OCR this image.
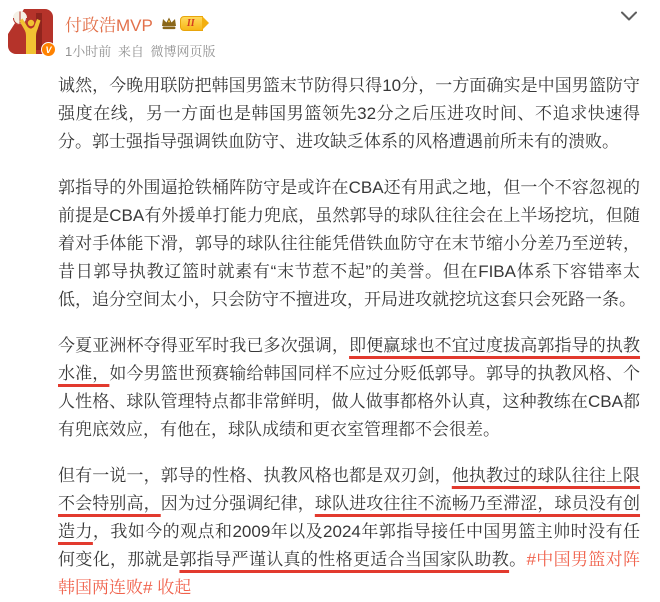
V
付政浩MVP	II
1小时前 来自 微博网页版

诚然，今晚用联防把韩国男篮末节防得只得10分，一方面确实是中国男篮防守强度在线，另一方面也是韩国男篮领先32分之后压进攻时间、不追求快速得分。郭士强指导强调铁血防守、进攻缺乏体系的风格遭遇前所未有的溃败。

郭指导的外围逼抢铁桶阵防守是或许在CBA还有用武之地，但一个不容忽视的前提是CBA有外援单打能力兜底，虽然郭导的球队往往会在上半场挖坑，但随着对手体能下滑，郭导的球队往往能凭借铁血防守在末节缩小分差乃至逆转，昔日郭导执教辽篮时就素有“末节惹不起”的美誉。但在FIBA体系下容错率太低，追分空间太小，只会防守不擅进攻，开局进攻就挖坑这套只会死路一条。

今夏亚洲杯夺得亚军时我已多次强调，即便赢球也不宜过度拔高郭指导的执教水准，如今男篮世预赛输给韩国同样不应过分贬低郭导。郭导的执教风格、个人性格、球队管理特点都非常鲜明，做人做事都格外认真，这种教练在CBA都有兜底效应，有他在，球队成绩和更衣室管理都不会很差。

但有一说一，郭导的性格、执教风格也都是双刃剑，他执教过的球队往往上限不会特别高，因为过分强调纪律，球队进攻往往不流畅乃至滞涩，球员没有创造力，我如今的观点和2009年以及2024年郭指导接任中国男篮主帅时没有任何变化，那就是郭指导严谨认真的性格更适合当国家队助教。#中国男篮对阵韩国两连败# 收起
